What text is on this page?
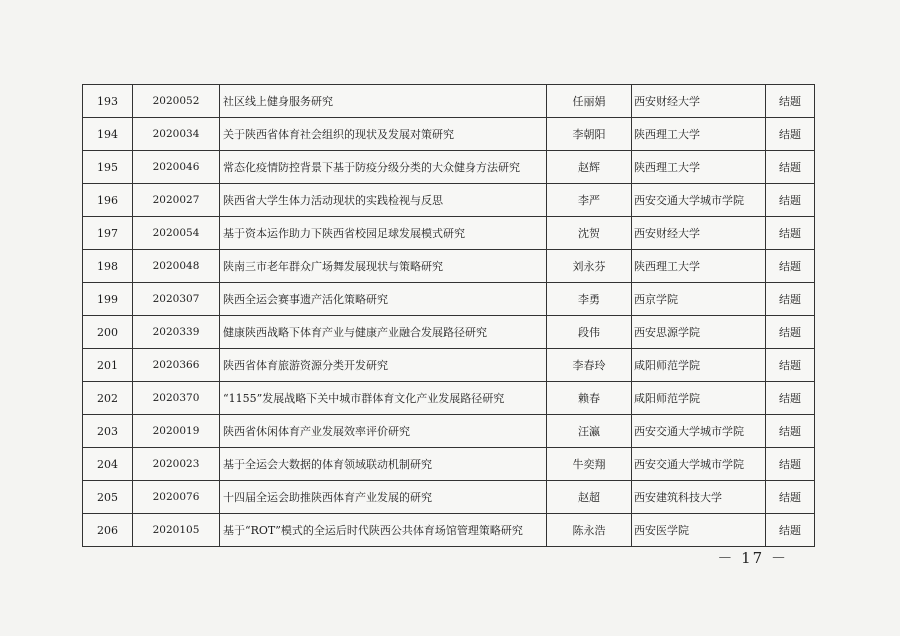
193	2020052	社区线上健身服务研究	任丽娟	西安财经大学	结题
194	2020034	关于陕西省体育社会组织的现状及发展对策研究	李朝阳	陕西理工大学	结题
195	2020046	常态化疫情防控背景下基于防疫分级分类的大众健身方法研究	赵辉	陕西理工大学	结题
196	2020027	陕西省大学生体力活动现状的实践检视与反思	李严	西安交通大学城市学院	结题
197	2020054	基于资本运作助力下陕西省校园足球发展模式研究	沈贺	西安财经大学	结题
198	2020048	陕南三市老年群众广场舞发展现状与策略研究	刘永芬	陕西理工大学	结题
199	2020307	陕西全运会赛事遗产活化策略研究	李勇	西京学院	结题
200	2020339	健康陕西战略下体育产业与健康产业融合发展路径研究	段伟	西安思源学院	结题
201	2020366	陕西省体育旅游资源分类开发研究	李春玲	咸阳师范学院	结题
202	2020370	“1155”发展战略下关中城市群体育文化产业发展路径研究	赖春	咸阳师范学院	结题
203	2020019	陕西省休闲体育产业发展效率评价研究	汪瀛	西安交通大学城市学院	结题
204	2020023	基于全运会大数据的体育领域联动机制研究	牛奕翔	西安交通大学城市学院	结题
205	2020076	十四届全运会助推陕西体育产业发展的研究	赵超	西安建筑科技大学	结题
206	2020105	基于“ROT”模式的全运后时代陕西公共体育场馆管理策略研究	陈永浩	西安医学院	结题
－ 17 －
